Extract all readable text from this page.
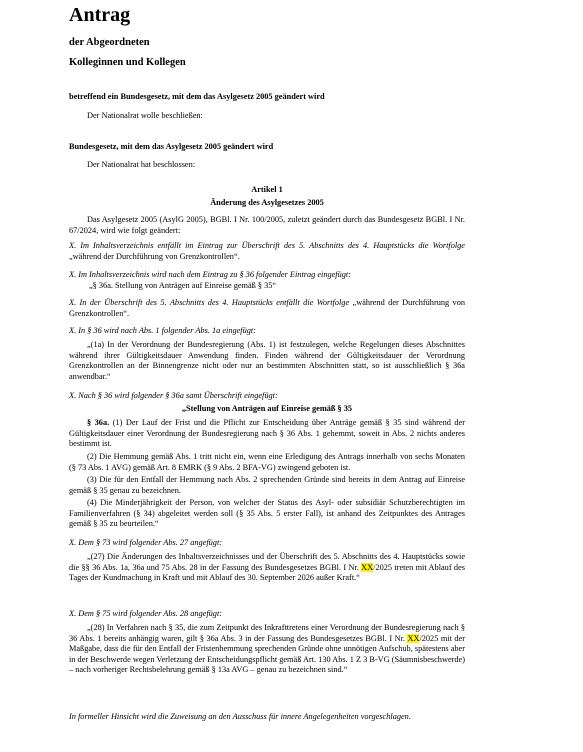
Antrag
der Abgeordneten
Kolleginnen und Kollegen
betreffend ein Bundesgesetz, mit dem das Asylgesetz 2005 geändert wird
Der Nationalrat wolle beschließen:
Bundesgesetz, mit dem das Asylgesetz 2005 geändert wird
Der Nationalrat hat beschlossen:
Artikel 1
Änderung des Asylgesetzes 2005
Das Asylgesetz 2005 (AsylG 2005), BGBl. I Nr. 100/2005, zuletzt geändert durch das Bundesgesetz BGBl. I Nr. 67/2024, wird wie folgt geändert:
X. Im Inhaltsverzeichnis entfällt im Eintrag zur Überschrift des 5. Abschnitts des 4. Hauptstücks die Wortfolge „während der Durchführung von Grenzkontrollen“.
X. Im Inhaltsverzeichnis wird nach dem Eintrag zu § 36 folgender Eintrag eingefügt:
„§ 36a. Stellung von Anträgen auf Einreise gemäß § 35“
X. In der Überschrift des 5. Abschnitts des 4. Hauptstücks entfällt die Wortfolge „während der Durchführung von Grenzkontrollen“.
X. In § 36 wird nach Abs. 1 folgender Abs. 1a eingefügt:
„(1a) In der Verordnung der Bundesregierung (Abs. 1) ist festzulegen, welche Regelungen dieses Abschnittes während ihrer Gültigkeitsdauer Anwendung finden. Finden während der Gültigkeitsdauer der Verordnung Grenzkontrollen an der Binnengrenze nicht oder nur an bestimmten Abschnitten statt, so ist ausschließlich § 36a anwendbar.“
X. Nach § 36 wird folgender § 36a samt Überschrift eingefügt:
„Stellung von Anträgen auf Einreise gemäß § 35
§ 36a. (1) Der Lauf der Frist und die Pflicht zur Entscheidung über Anträge gemäß § 35 sind während der Gültigkeitsdauer einer Verordnung der Bundesregierung nach § 36 Abs. 1 gehemmt, soweit in Abs. 2 nichts anderes bestimmt ist.
(2) Die Hemmung gemäß Abs. 1 tritt nicht ein, wenn eine Erledigung des Antrags innerhalb von sechs Monaten (§ 73 Abs. 1 AVG) gemäß Art. 8 EMRK (§ 9 Abs. 2 BFA-VG) zwingend geboten ist.
(3) Die für den Entfall der Hemmung nach Abs. 2 sprechenden Gründe sind bereits in dem Antrag auf Einreise gemäß § 35 genau zu bezeichnen.
(4) Die Minderjährigkeit der Person, von welcher der Status des Asyl- oder subsidiär Schutzberechtigten im Familienverfahren (§ 34) abgeleitet werden soll (§ 35 Abs. 5 erster Fall), ist anhand des Zeitpunktes des Antrages gemäß § 35 zu beurteilen.“
X. Dem § 73 wird folgender Abs. 27 angefügt:
„(27) Die Änderungen des Inhaltsverzeichnisses und der Überschrift des 5. Abschnitts des 4. Hauptstücks sowie die §§ 36 Abs. 1a, 36a und 75 Abs. 28 in der Fassung des Bundesgesetzes BGBl. I Nr. XX/2025 treten mit Ablauf des Tages der Kundmachung in Kraft und mit Ablauf des 30. September 2026 außer Kraft.“
X. Dem § 75 wird folgender Abs. 28 angefügt:
„(28) In Verfahren nach § 35, die zum Zeitpunkt des Inkrafttretens einer Verordnung der Bundesregierung nach § 36 Abs. 1 bereits anhängig waren, gilt § 36a Abs. 3 in der Fassung des Bundesgesetzes BGBl. I Nr. XX/2025 mit der Maßgabe, dass die für den Entfall der Fristenhemmung sprechenden Gründe ohne unnötigen Aufschub, spätestens aber in der Beschwerde wegen Verletzung der Entscheidungspflicht gemäß Art. 130 Abs. 1 Z 3 B-VG (Säumnisbeschwerde) – nach vorheriger Rechtsbelehrung gemäß § 13a AVG – genau zu bezeichnen sind.“
In formeller Hinsicht wird die Zuweisung an den Ausschuss für innere Angelegenheiten vorgeschlagen.
